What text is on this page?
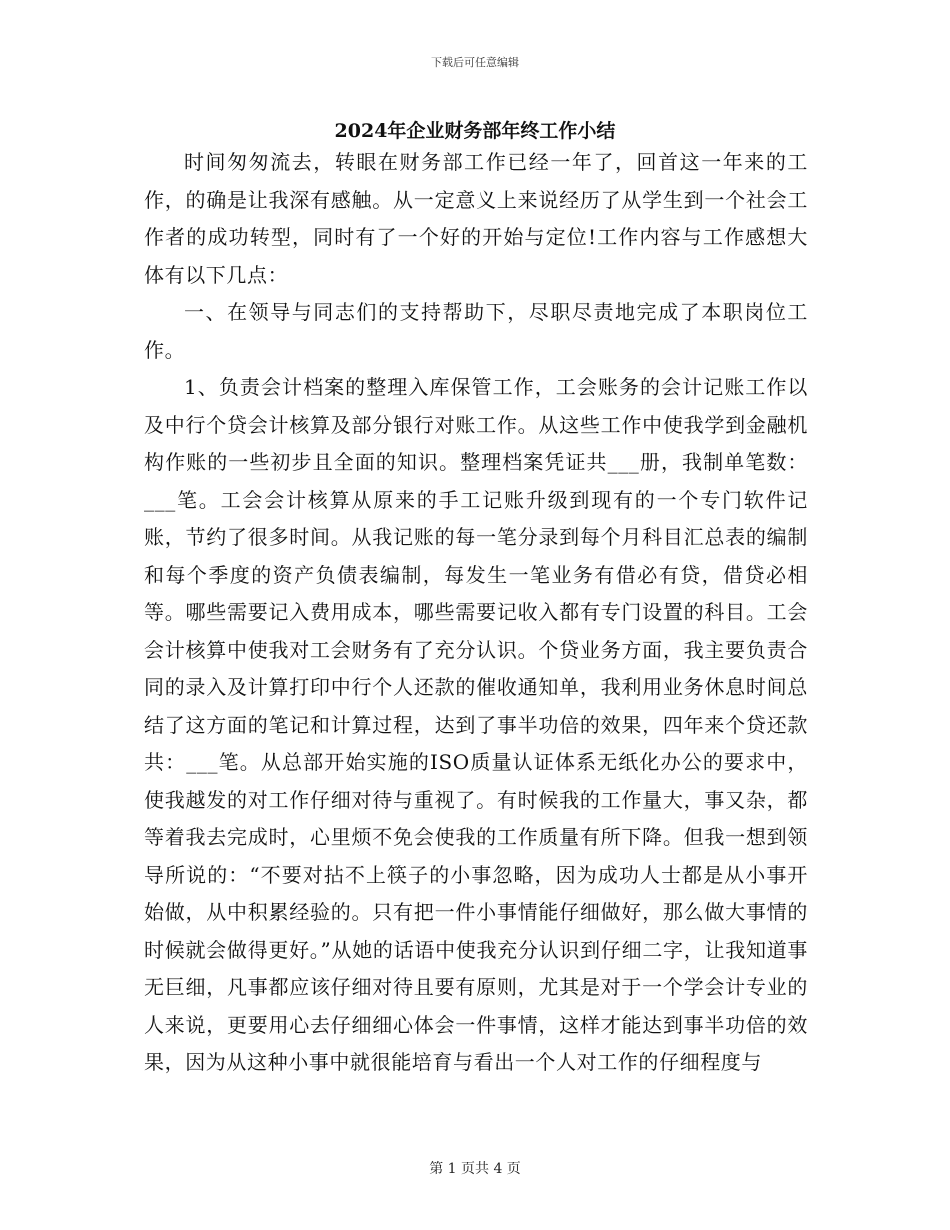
下载后可任意编辑
2024年企业财务部年终工作小结

时间匆匆流去，转眼在财务部工作已经一年了，回首这一年来的工作，的确是让我深有感触。从一定意义上来说经历了从学生到一个社会工作者的成功转型，同时有了一个好的开始与定位!工作内容与工作感想大体有以下几点：

一、在领导与同志们的支持帮助下，尽职尽责地完成了本职岗位工作。

1、负责会计档案的整理入库保管工作，工会账务的会计记账工作以及中行个贷会计核算及部分银行对账工作。从这些工作中使我学到金融机构作账的一些初步且全面的知识。整理档案凭证共___册，我制单笔数：___笔。工会会计核算从原来的手工记账升级到现有的一个专门软件记账，节约了很多时间。从我记账的每一笔分录到每个月科目汇总表的编制和每个季度的资产负债表编制，每发生一笔业务有借必有贷，借贷必相等。哪些需要记入费用成本，哪些需要记收入都有专门设置的科目。工会会计核算中使我对工会财务有了充分认识。个贷业务方面，我主要负责合同的录入及计算打印中行个人还款的催收通知单，我利用业务休息时间总结了这方面的笔记和计算过程，达到了事半功倍的效果，四年来个贷还款共：___笔。从总部开始实施的ISO质量认证体系无纸化办公的要求中，使我越发的对工作仔细对待与重视了。有时候我的工作量大，事又杂，都等着我去完成时，心里烦不免会使我的工作质量有所下降。但我一想到领导所说的：“不要对拈不上筷子的小事忽略，因为成功人士都是从小事开始做，从中积累经验的。只有把一件小事情能仔细做好，那么做大事情的时候就会做得更好。”从她的话语中使我充分认识到仔细二字，让我知道事无巨细，凡事都应该仔细对待且要有原则，尤其是对于一个学会计专业的人来说，更要用心去仔细细心体会一件事情，这样才能达到事半功倍的效果，因为从这种小事中就很能培育与看出一个人对工作的仔细程度与

第 1 页共 4 页
